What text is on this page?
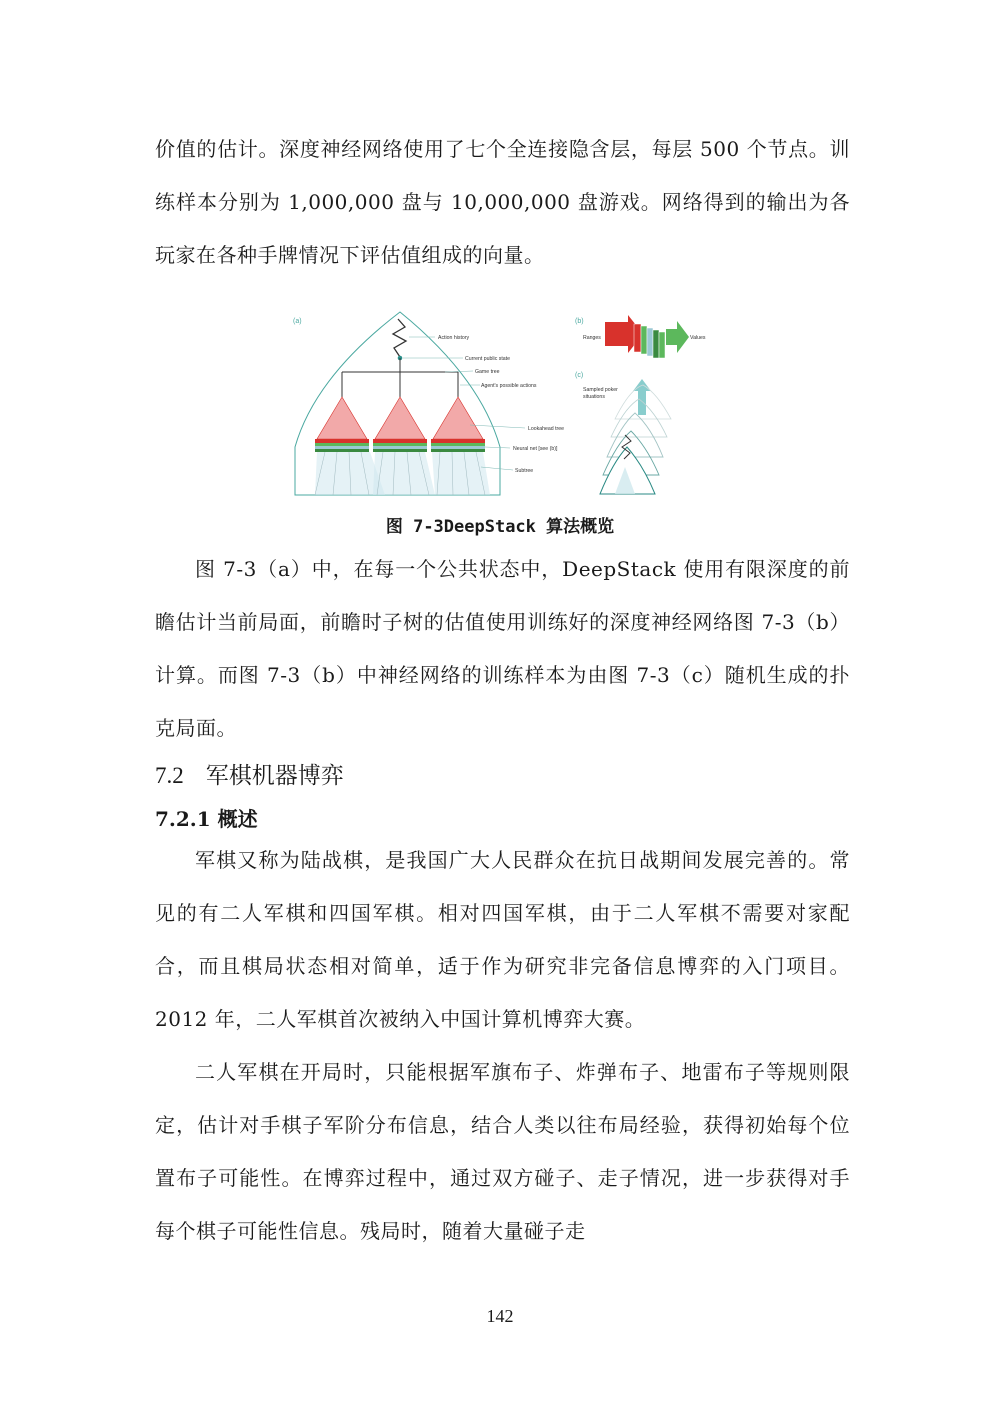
价值的估计。深度神经网络使用了七个全连接隐含层，每层 500 个节点。训练样本分别为 1,000,000 盘与 10,000,000 盘游戏。网络得到的输出为各玩家在各种手牌情况下评估值组成的向量。

(a)
Action history
Current public state
Game tree
Agent's possible actions
Lookahead tree
Neural net [see (b)]
Subtree
(b)
Ranges	Values
(c)
Sampled poker
situations
图 7-3DeepStack 算法概览

图 7-3（a）中，在每一个公共状态中，DeepStack 使用有限深度的前瞻估计当前局面，前瞻时子树的估值使用训练好的深度神经网络图 7-3（b）计算。而图 7-3（b）中神经网络的训练样本为由图 7-3（c）随机生成的扑克局面。

7.2 军棋机器博弈
7.2.1 概述

军棋又称为陆战棋，是我国广大人民群众在抗日战期间发展完善的。常见的有二人军棋和四国军棋。相对四国军棋，由于二人军棋不需要对家配合，而且棋局状态相对简单，适于作为研究非完备信息博弈的入门项目。2012 年，二人军棋首次被纳入中国计算机博弈大赛。

二人军棋在开局时，只能根据军旗布子、炸弹布子、地雷布子等规则限定，估计对手棋子军阶分布信息，结合人类以往布局经验，获得初始每个位置布子可能性。在博弈过程中，通过双方碰子、走子情况，进一步获得对手每个棋子可能性信息。残局时，随着大量碰子走

142
